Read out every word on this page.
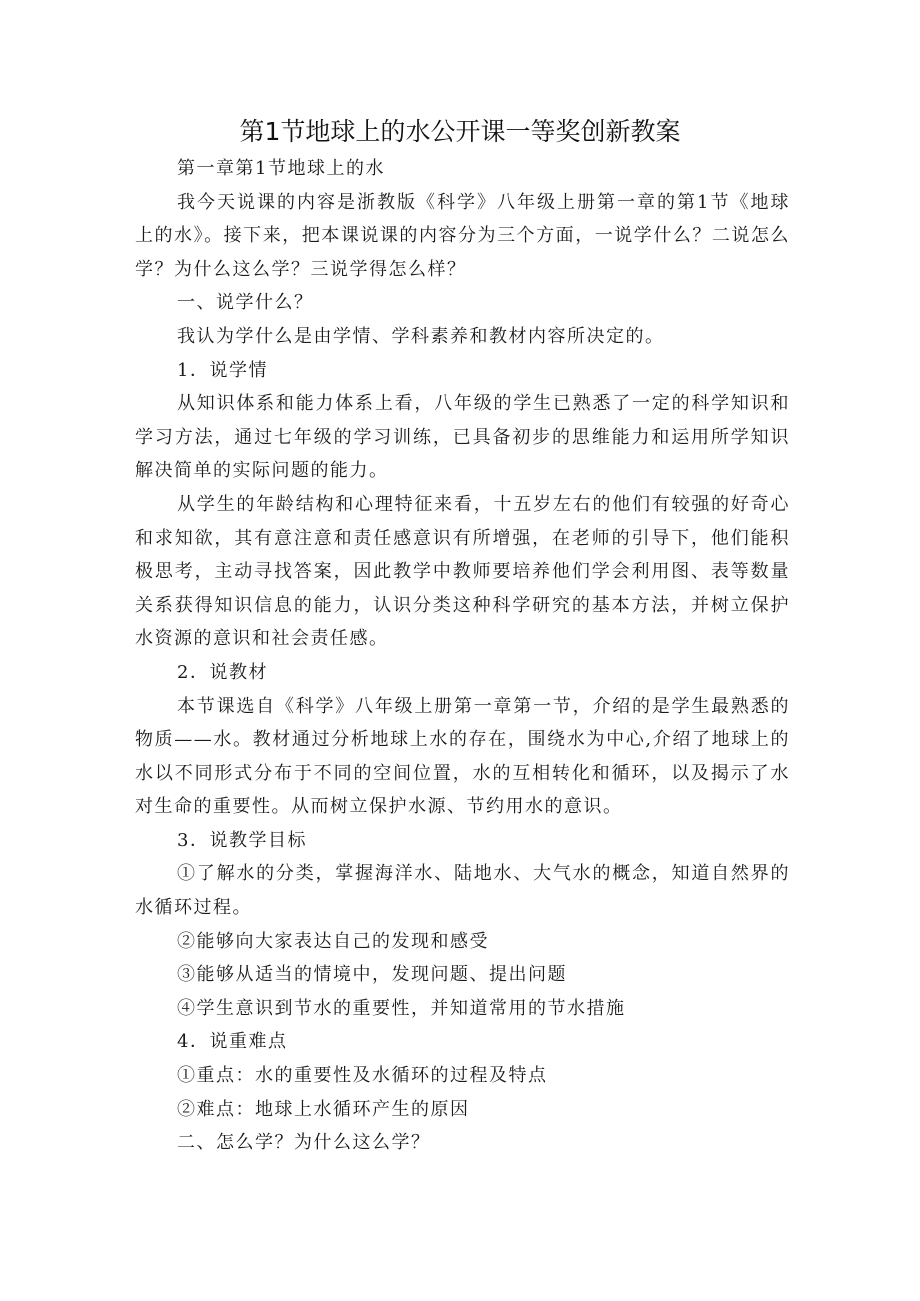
第1节地球上的水公开课一等奖创新教案

第一章第1节地球上的水

我今天说课的内容是浙教版《科学》八年级上册第一章的第1节《地球上的水》。接下来，把本课说课的内容分为三个方面，一说学什么？二说怎么学？为什么这么学？三说学得怎么样？

一、说学什么？

我认为学什么是由学情、学科素养和教材内容所决定的。

1．说学情

从知识体系和能力体系上看，八年级的学生已熟悉了一定的科学知识和学习方法，通过七年级的学习训练，已具备初步的思维能力和运用所学知识解决简单的实际问题的能力。

从学生的年龄结构和心理特征来看，十五岁左右的他们有较强的好奇心和求知欲，其有意注意和责任感意识有所增强，在老师的引导下，他们能积极思考，主动寻找答案，因此教学中教师要培养他们学会利用图、表等数量关系获得知识信息的能力，认识分类这种科学研究的基本方法，并树立保护水资源的意识和社会责任感。

2．说教材

本节课选自《科学》八年级上册第一章第一节，介绍的是学生最熟悉的物质——水。教材通过分析地球上水的存在，围绕水为中心,介绍了地球上的水以不同形式分布于不同的空间位置，水的互相转化和循环，以及揭示了水对生命的重要性。从而树立保护水源、节约用水的意识。

3．说教学目标

①了解水的分类，掌握海洋水、陆地水、大气水的概念，知道自然界的水循环过程。

②能够向大家表达自己的发现和感受

③能够从适当的情境中，发现问题、提出问题

④学生意识到节水的重要性，并知道常用的节水措施

4．说重难点

①重点：水的重要性及水循环的过程及特点

②难点：地球上水循环产生的原因

二、怎么学？为什么这么学？
